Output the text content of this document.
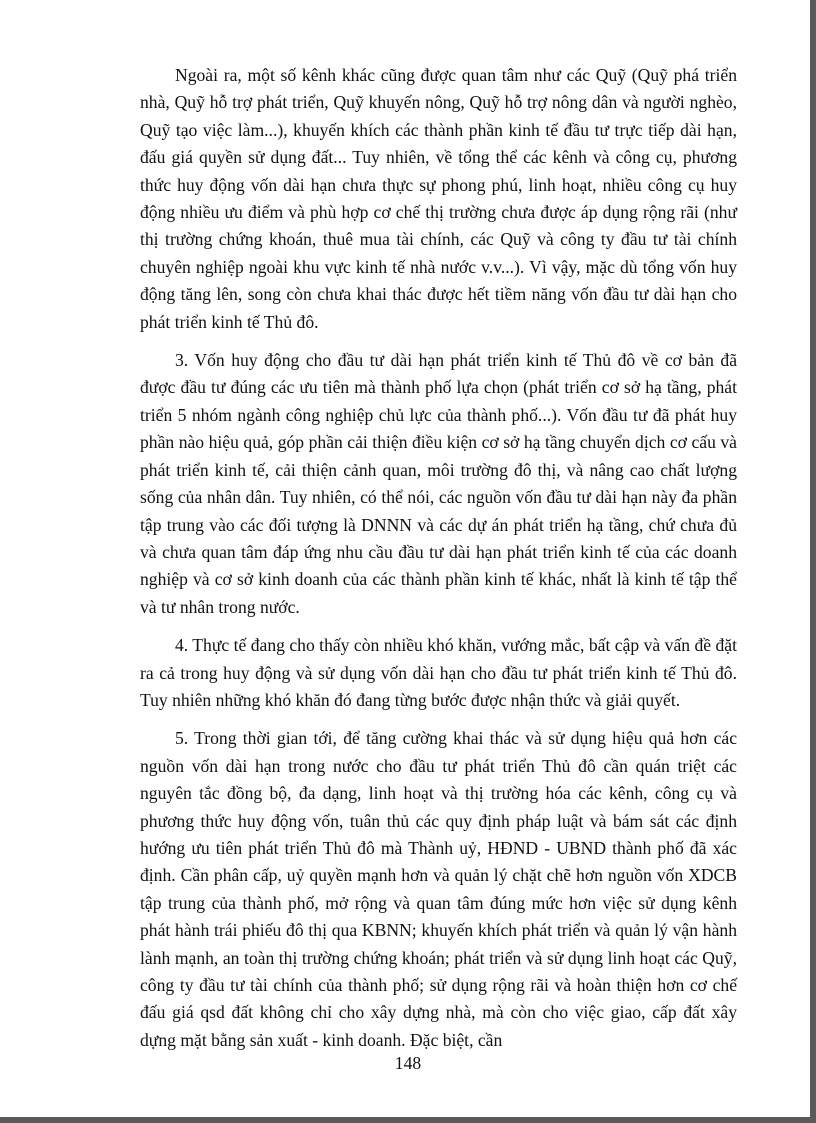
Ngoài ra, một số kênh khác cũng được quan tâm như các Quỹ (Quỹ phá triển nhà, Quỹ hỗ trợ phát triển, Quỹ khuyến nông, Quỹ hỗ trợ nông dân và người nghèo, Quỹ tạo việc làm...), khuyến khích các thành phần kinh tế đầu tư trực tiếp dài hạn, đấu giá quyền sử dụng đất... Tuy nhiên, về tổng thể các kênh và công cụ, phương thức huy động vốn dài hạn chưa thực sự phong phú, linh hoạt, nhiều công cụ huy động nhiều ưu điểm và phù hợp cơ chế thị trường chưa được áp dụng rộng rãi (như thị trường chứng khoán, thuê mua tài chính, các Quỹ và công ty đầu tư tài chính chuyên nghiệp ngoài khu vực kinh tế nhà nước v.v...). Vì vậy, mặc dù tổng vốn huy động tăng lên, song còn chưa khai thác được hết tiềm năng vốn đầu tư dài hạn cho phát triển kinh tế Thủ đô.

3. Vốn huy động cho đầu tư dài hạn phát triển kinh tế Thủ đô về cơ bản đã được đầu tư đúng các ưu tiên mà thành phố lựa chọn (phát triển cơ sở hạ tầng, phát triển 5 nhóm ngành công nghiệp chủ lực của thành phố...). Vốn đầu tư đã phát huy phần nào hiệu quả, góp phần cải thiện điều kiện cơ sở hạ tầng chuyển dịch cơ cấu và phát triển kinh tế, cải thiện cảnh quan, môi trường đô thị, và nâng cao chất lượng sống của nhân dân. Tuy nhiên, có thể nói, các nguồn vốn đầu tư dài hạn này đa phần tập trung vào các đối tượng là DNNN và các dự án phát triển hạ tầng, chứ chưa đủ và chưa quan tâm đáp ứng nhu cầu đầu tư dài hạn phát triển kinh tế của các doanh nghiệp và cơ sở kinh doanh của các thành phần kinh tế khác, nhất là kinh tế tập thể và tư nhân trong nước.

4. Thực tế đang cho thấy còn nhiều khó khăn, vướng mắc, bất cập và vấn đề đặt ra cả trong huy động và sử dụng vốn dài hạn cho đầu tư phát triển kinh tế Thủ đô. Tuy nhiên những khó khăn đó đang từng bước được nhận thức và giải quyết.

5. Trong thời gian tới, để tăng cường khai thác và sử dụng hiệu quả hơn các nguồn vốn dài hạn trong nước cho đầu tư phát triển Thủ đô cần quán triệt các nguyên tắc đồng bộ, đa dạng, linh hoạt và thị trường hóa các kênh, công cụ và phương thức huy động vốn, tuân thủ các quy định pháp luật và bám sát các định hướng ưu tiên phát triển Thủ đô mà Thành uỷ, HĐND - UBND thành phố đã xác định. Cần phân cấp, uỷ quyền mạnh hơn và quản lý chặt chẽ hơn nguồn vốn XDCB tập trung của thành phố, mở rộng và quan tâm đúng mức hơn việc sử dụng kênh phát hành trái phiếu đô thị qua KBNN; khuyến khích phát triển và quản lý vận hành lành mạnh, an toàn thị trường chứng khoán; phát triển và sử dụng linh hoạt các Quỹ, công ty đầu tư tài chính của thành phố; sử dụng rộng rãi và hoàn thiện hơn cơ chế đấu giá qsd đất không chỉ cho xây dựng nhà, mà còn cho việc giao, cấp đất xây dựng mặt bằng sản xuất - kinh doanh. Đặc biệt, cần

148
